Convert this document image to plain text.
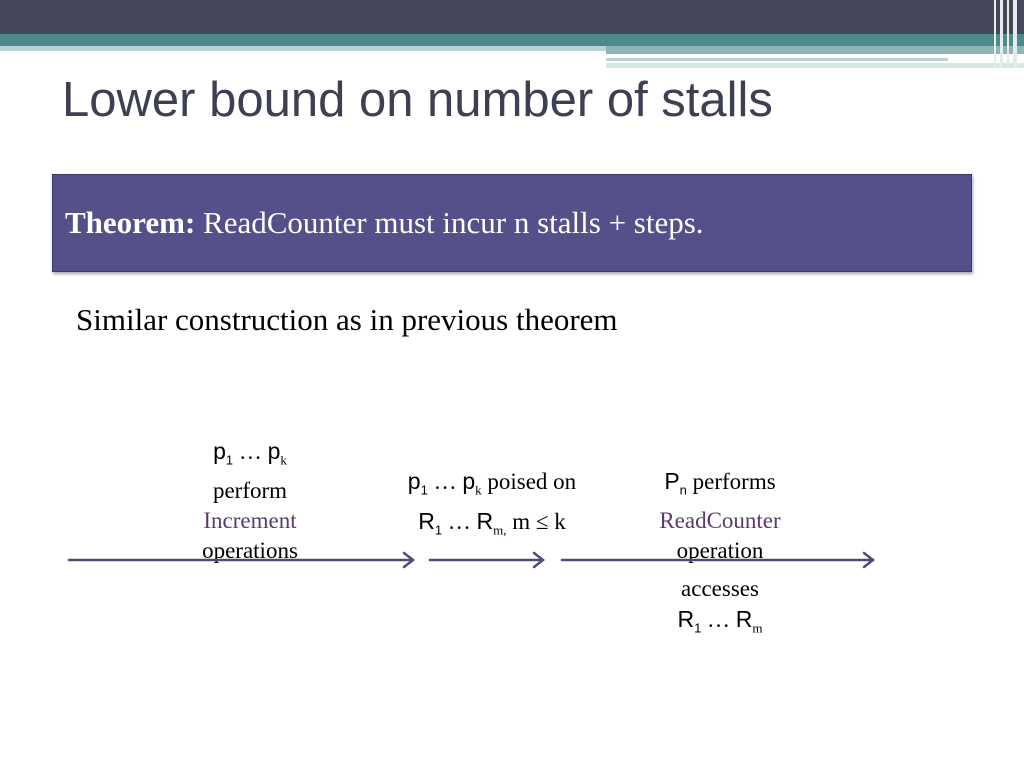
Lower bound on number of stalls
Theorem: ReadCounter must incur n stalls + steps.
Similar construction as in previous theorem
$p_1$ … $p_k$
perform
Increment
operations
$p_1$ … $p_k$ poised on
$R_1$ … $R_{m,}$ m ≤ k
$P_n$ performs
ReadCounter
operation
accesses
$R_1$ … $R_m$
